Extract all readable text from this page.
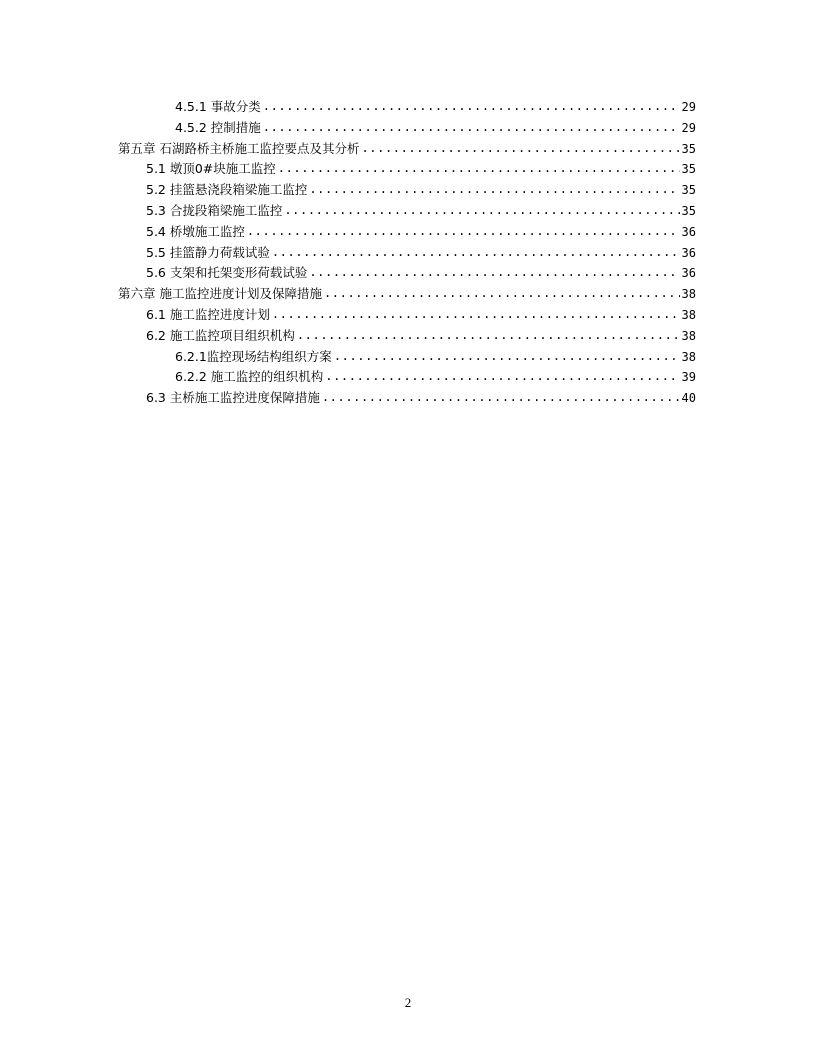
4.5.1 事故分类 .....	29
4.5.2 控制措施 .....	29
第五章 石湖路桥主桥施工监控要点及其分析 .....	35
5.1 墩顶0#块施工监控 .....	35
5.2 挂篮悬浇段箱梁施工监控 .....	35
5.3 合拢段箱梁施工监控 .....	35
5.4 桥墩施工监控 .....	36
5.5 挂篮静力荷载试验 .....	36
5.6 支架和托架变形荷载试验 .....	36
第六章 施工监控进度计划及保障措施 .....	38
6.1 施工监控进度计划 .....	38
6.2 施工监控项目组织机构 .....	38
6.2.1监控现场结构组织方案 .....	38
6.2.2 施工监控的组织机构 .....	39
6.3 主桥施工监控进度保障措施 .....	40
2
